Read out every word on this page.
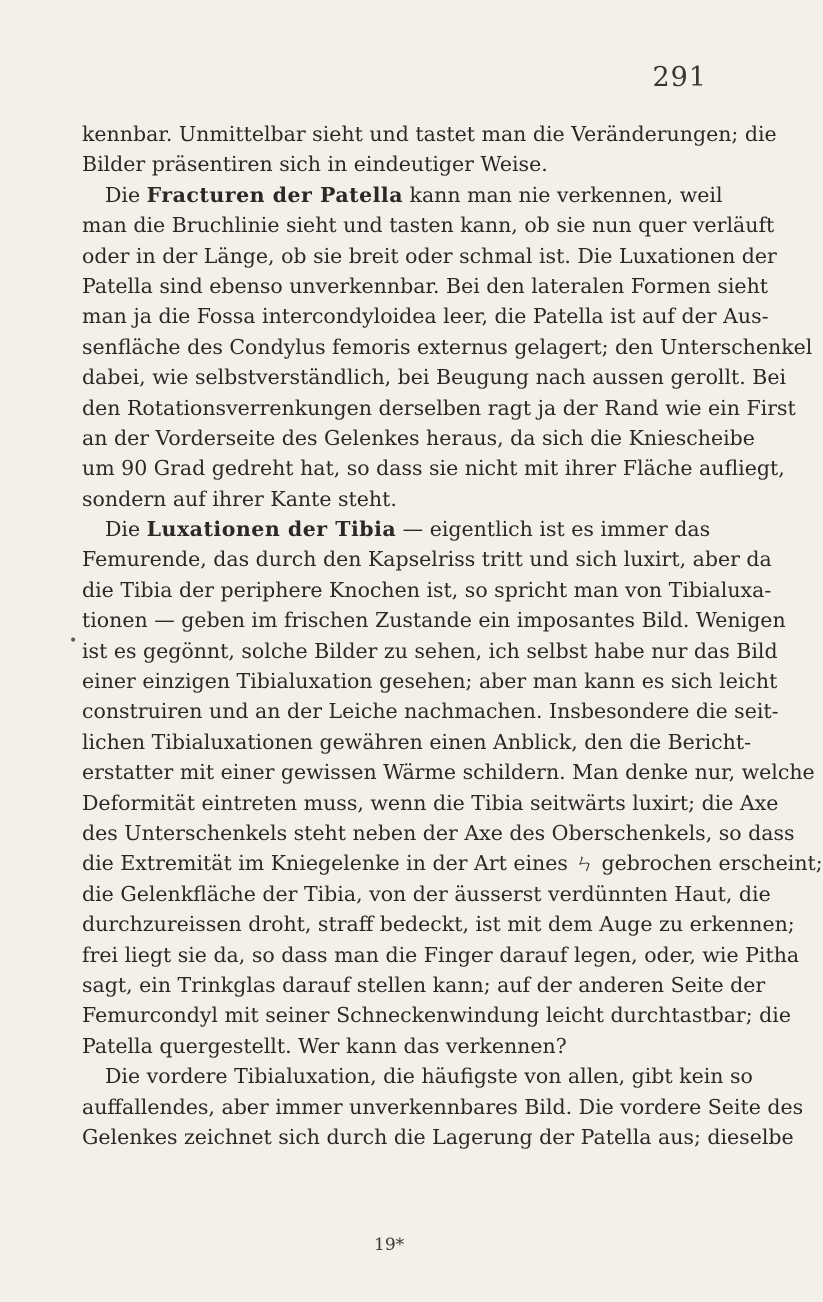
291
•
kennbar. Unmittelbar sieht und tastet man die Veränderungen; die
Bilder präsentiren sich in eindeutiger Weise.
Die Fracturen der Patella kann man nie verkennen, weil
man die Bruchlinie sieht und tasten kann, ob sie nun quer verläuft
oder in der Länge, ob sie breit oder schmal ist. Die Luxationen der
Patella sind ebenso unverkennbar. Bei den lateralen Formen sieht
man ja die Fossa intercondyloidea leer, die Patella ist auf der Aus-
senfläche des Condylus femoris externus gelagert; den Unterschenkel
dabei, wie selbstverständlich, bei Beugung nach aussen gerollt. Bei
den Rotationsverrenkungen derselben ragt ja der Rand wie ein First
an der Vorderseite des Gelenkes heraus, da sich die Kniescheibe
um 90 Grad gedreht hat, so dass sie nicht mit ihrer Fläche aufliegt,
sondern auf ihrer Kante steht.
Die Luxationen der Tibia — eigentlich ist es immer das
Femurende, das durch den Kapselriss tritt und sich luxirt, aber da
die Tibia der periphere Knochen ist, so spricht man von Tibialuxa-
tionen — geben im frischen Zustande ein imposantes Bild. Wenigen
ist es gegönnt, solche Bilder zu sehen, ich selbst habe nur das Bild
einer einzigen Tibialuxation gesehen; aber man kann es sich leicht
construiren und an der Leiche nachmachen. Insbesondere die seit-
lichen Tibialuxationen gewähren einen Anblick, den die Bericht-
erstatter mit einer gewissen Wärme schildern. Man denke nur, welche
Deformität eintreten muss, wenn die Tibia seitwärts luxirt; die Axe
des Unterschenkels steht neben der Axe des Oberschenkels, so dass
die Extremität im Kniegelenke in der Art eines ㄣ gebrochen erscheint;
die Gelenkfläche der Tibia, von der äusserst verdünnten Haut, die
durchzureissen droht, straff bedeckt, ist mit dem Auge zu erkennen;
frei liegt sie da, so dass man die Finger darauf legen, oder, wie Pitha
sagt, ein Trinkglas darauf stellen kann; auf der anderen Seite der
Femurcondyl mit seiner Schneckenwindung leicht durchtastbar; die
Patella quergestellt. Wer kann das verkennen?
Die vordere Tibialuxation, die häufigste von allen, gibt kein so
auffallendes, aber immer unverkennbares Bild. Die vordere Seite des
Gelenkes zeichnet sich durch die Lagerung der Patella aus; dieselbe
19*
